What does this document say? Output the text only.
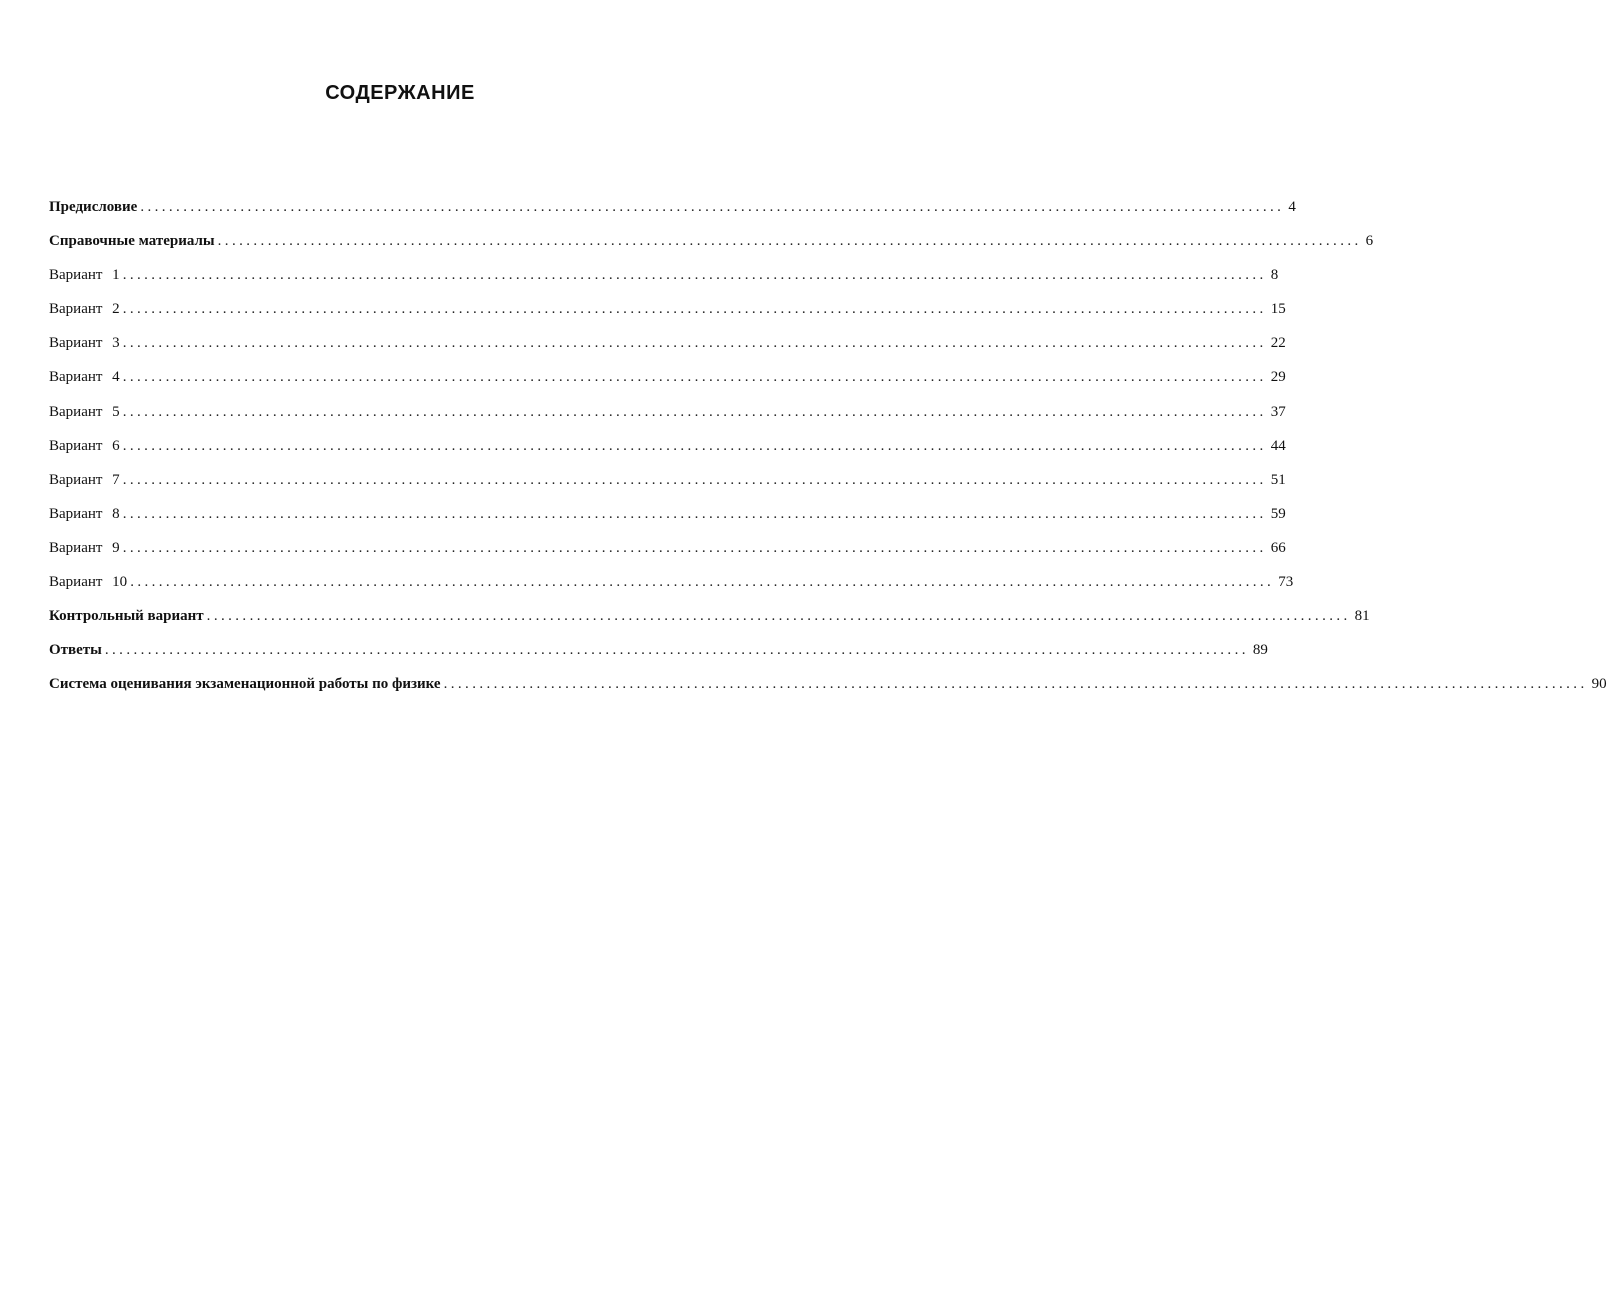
СОДЕРЖАНИЕ
Предисловие ................................................................................................................................................................ 4
Справочные материалы ................................................................................................................................................................ 6
Вариант 1 ................................................................................................................................................................ 8
Вариант 2 ................................................................................................................................................................ 15
Вариант 3 ................................................................................................................................................................ 22
Вариант 4 ................................................................................................................................................................ 29
Вариант 5 ................................................................................................................................................................ 37
Вариант 6 ................................................................................................................................................................ 44
Вариант 7 ................................................................................................................................................................ 51
Вариант 8 ................................................................................................................................................................ 59
Вариант 9 ................................................................................................................................................................ 66
Вариант 10 ................................................................................................................................................................ 73
Контрольный вариант ................................................................................................................................................................ 81
Ответы ................................................................................................................................................................ 89
Система оценивания экзаменационной работы по физике ................................................................................................................................................................ 90
